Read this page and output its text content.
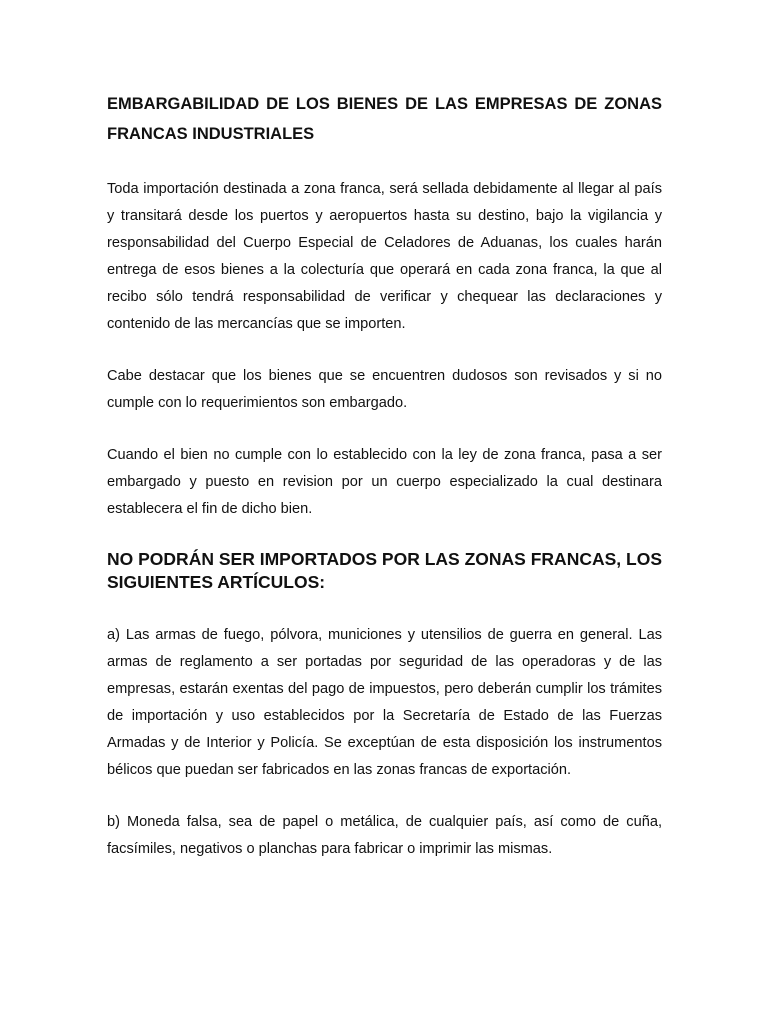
EMBARGABILIDAD DE LOS BIENES DE LAS EMPRESAS DE ZONAS FRANCAS INDUSTRIALES

Toda importación destinada a zona franca, será sellada debidamente al llegar al país y transitará desde los puertos y aeropuertos hasta su destino, bajo la vigilancia y responsabilidad del Cuerpo Especial de Celadores de Aduanas, los cuales harán entrega de esos bienes a la colecturía que operará en cada zona franca, la que al recibo sólo tendrá responsabilidad de verificar y chequear las declaraciones y contenido de las mercancías que se importen.

Cabe destacar que los bienes que se encuentren dudosos son revisados y si no cumple con lo requerimientos son embargado.

Cuando el bien no cumple con lo establecido con la ley de zona franca, pasa a ser embargado y puesto en revision por un cuerpo especializado la cual destinara establecera el fin de dicho bien.

NO PODRÁN SER IMPORTADOS POR LAS ZONAS FRANCAS, LOS SIGUIENTES ARTÍCULOS:

a) Las armas de fuego, pólvora, municiones y utensilios de guerra en general. Las armas de reglamento a ser portadas por seguridad de las operadoras y de las empresas, estarán exentas del pago de impuestos, pero deberán cumplir los trámites de importación y uso establecidos por la Secretaría de Estado de las Fuerzas Armadas y de Interior y Policía. Se exceptúan de esta disposición los instrumentos bélicos que puedan ser fabricados en las zonas francas de exportación.

b) Moneda falsa, sea de papel o metálica, de cualquier país, así como de cuña, facsímiles, negativos o planchas para fabricar o imprimir las mismas.
